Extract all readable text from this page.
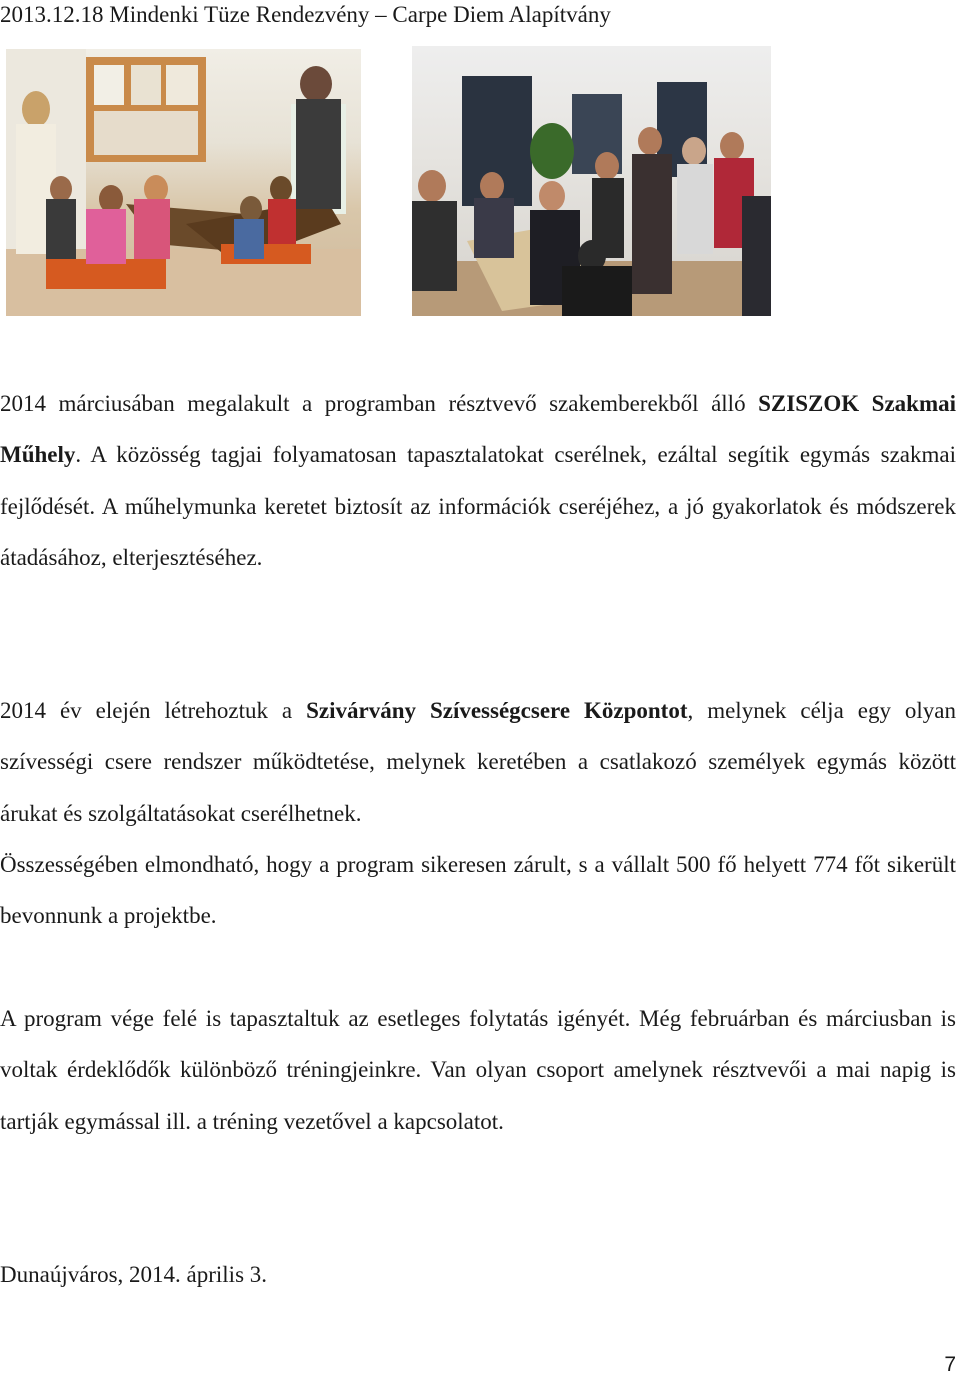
2013.12.18 Mindenki Tüze Rendezvény – Carpe Diem Alapítvány

2014 márciusában megalakult a programban résztvevő szakemberekből álló SZISZOK Szakmai Műhely. A közösség tagjai folyamatosan tapasztalatokat cserélnek, ezáltal segítik egymás szakmai fejlődését. A műhelymunka keretet biztosít az információk cseréjéhez, a jó gyakorlatok és módszerek átadásához, elterjesztéséhez.

2014 év elején létrehoztuk a Szivárvány Szívességcsere Központot, melynek célja egy olyan szívességi csere rendszer működtetése, melynek keretében a csatlakozó személyek egymás között árukat és szolgáltatásokat cserélhetnek.

Összességében elmondható, hogy a program sikeresen zárult, s a vállalt 500 fő helyett 774 főt sikerült bevonnunk a projektbe.

A program vége felé is tapasztaltuk az esetleges folytatás igényét. Még februárban és márciusban is voltak érdeklődők különböző tréningjeinkre. Van olyan csoport amelynek résztvevői a mai napig is tartják egymással ill. a tréning vezetővel a kapcsolatot.

Dunaújváros, 2014. április 3.

7
